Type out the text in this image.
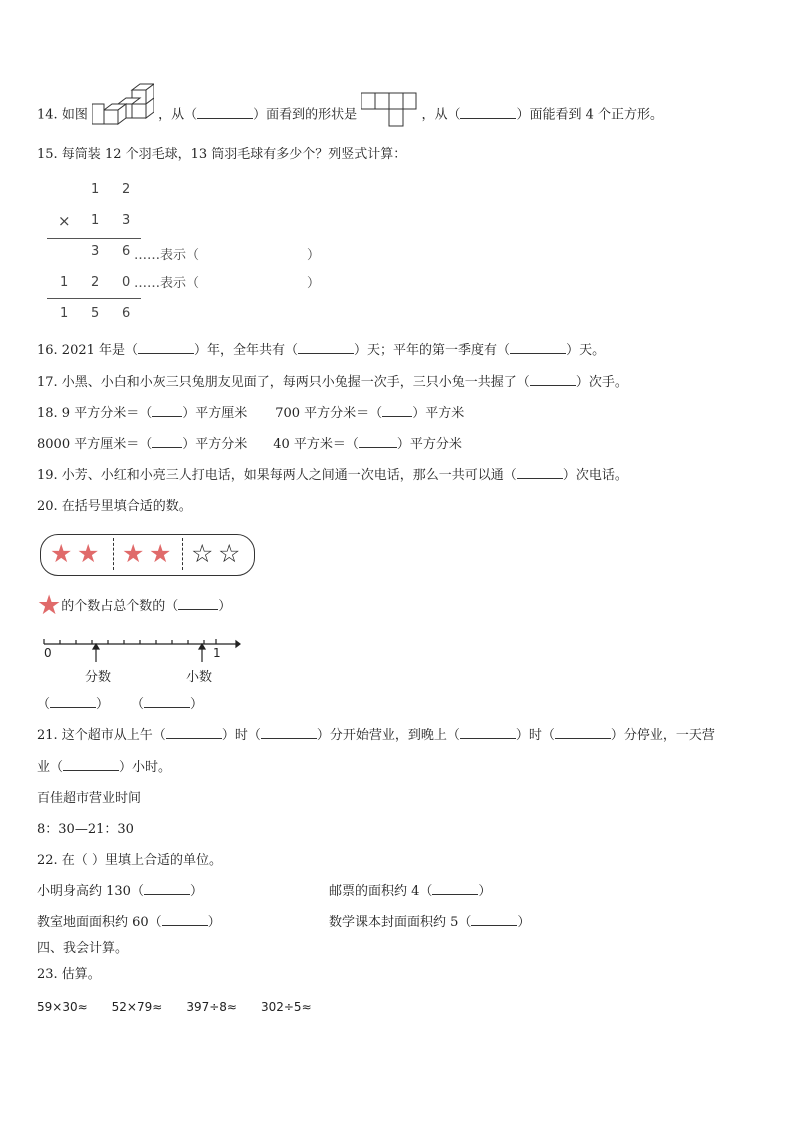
14. 如图	，从（	）面看到的形状是	，从（	）面能看到 4 个正方形。
15. 每筒装 12 个羽毛球，13 筒羽毛球有多少个？列竖式计算：
1 2
× 1 3
3 6 ……表示（	）
1 2 0 ……表示（	）
1 5 6
16. 2021 年是（	）年，全年共有（	）天；平年的第一季度有（	）天。
17. 小黑、小白和小灰三只兔朋友见面了，每两只小兔握一次手，三只小兔一共握了（	）次手。
18. 9 平方分米＝（ ）平方厘米 700 平方分米＝（ ）平方米
8000 平方厘米＝（ ）平方分米 40 平方米＝（	）平方分米
19. 小芳、小红和小亮三人打电话，如果每两人之间通一次电话，那么一共可以通（	）次电话。
20. 在括号里填合适的数。
★ ★ ★ ★ ☆ ☆
★的个数占总个数的（	）
0	1
分数	小数
（	） （	）
21. 这个超市从上午（	）时（	）分开始营业，到晚上（	）时（	）分停业，一天营
业（	）小时。
百佳超市营业时间
8：30—21：30
22. 在（ ）里填上合适的单位。
小明身高约 130（	）	邮票的面积约 4（	）
教室地面面积约 60（	）	数学课本封面面积约 5（	）
四、我会计算。
23. 估算。
59×30≈ 52×79≈ 397÷8≈ 302÷5≈
